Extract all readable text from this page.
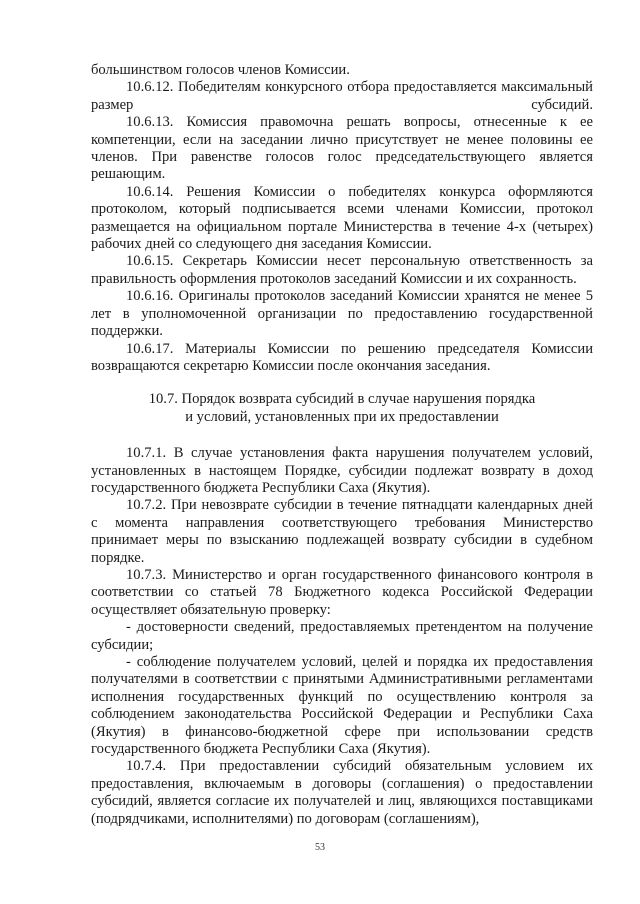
большинством голосов членов Комиссии.

10.6.12. Победителям конкурсного отбора предоставляется максимальный размер субсидий.

10.6.13. Комиссия правомочна решать вопросы, отнесенные к ее компетенции, если на заседании лично присутствует не менее половины ее членов. При равенстве голосов голос председательствующего является решающим.

10.6.14. Решения Комиссии о победителях конкурса оформляются протоколом, который подписывается всеми членами Комиссии, протокол размещается на официальном портале Министерства в течение 4-х (четырех) рабочих дней со следующего дня заседания Комиссии.

10.6.15. Секретарь Комиссии несет персональную ответственность за правильность оформления протоколов заседаний Комиссии и их сохранность.

10.6.16. Оригиналы протоколов заседаний Комиссии хранятся не менее 5 лет в уполномоченной организации по предоставлению государственной поддержки.

10.6.17. Материалы Комиссии по решению председателя Комиссии возвращаются секретарю Комиссии после окончания заседания.

10.7. Порядок возврата субсидий в случае нарушения порядка
и условий, установленных при их предоставлении

10.7.1. В случае установления факта нарушения получателем условий, установленных в настоящем Порядке, субсидии подлежат возврату в доход государственного бюджета Республики Саха (Якутия).

10.7.2. При невозврате субсидии в течение пятнадцати календарных дней с момента направления соответствующего требования Министерство принимает меры по взысканию подлежащей возврату субсидии в судебном порядке.

10.7.3. Министерство и орган государственного финансового контроля в соответствии со статьей 78 Бюджетного кодекса Российской Федерации осуществляет обязательную проверку:

- достоверности сведений, предоставляемых претендентом на получение субсидии;

- соблюдение получателем условий, целей и порядка их предоставления получателями в соответствии с принятыми Административными регламентами исполнения государственных функций по осуществлению контроля за соблюдением законодательства Российской Федерации и Республики Саха (Якутия) в финансово-бюджетной сфере при использовании средств государственного бюджета Республики Саха (Якутия).

10.7.4. При предоставлении субсидий обязательным условием их предоставления, включаемым в договоры (соглашения) о предоставлении субсидий, является согласие их получателей и лиц, являющихся поставщиками (подрядчиками, исполнителями) по договорам (соглашениям),

53
